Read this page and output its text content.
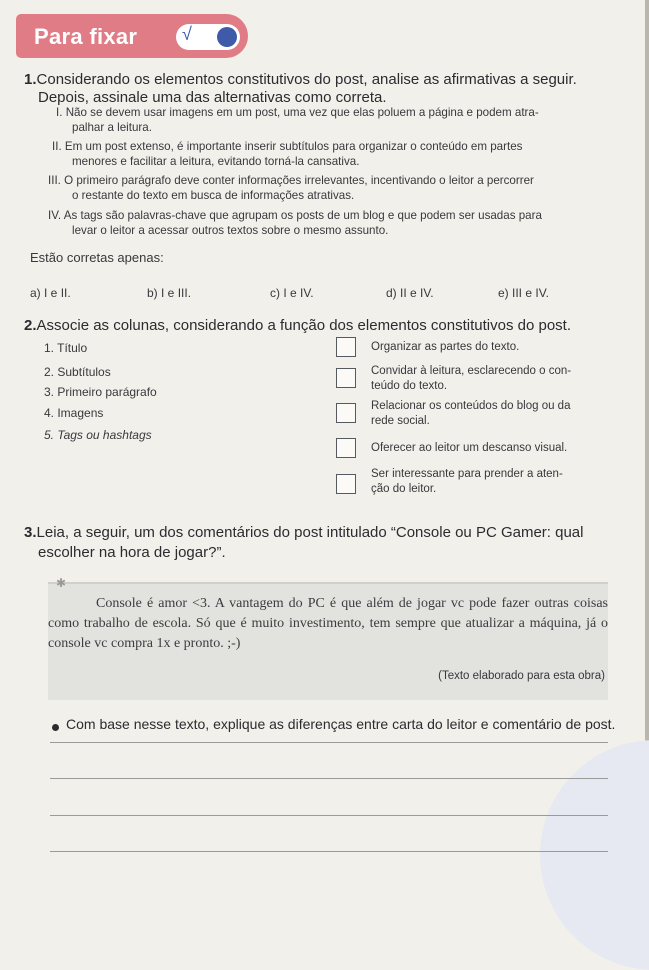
Para fixar √
1.Considerando os elementos constitutivos do post, analise as afirmativas a seguir.
Depois, assinale uma das alternativas como correta.
I. Não se devem usar imagens em um post, uma vez que elas poluem a página e podem atra-
palhar a leitura.
II. Em um post extenso, é importante inserir subtítulos para organizar o conteúdo em partes
menores e facilitar a leitura, evitando torná-la cansativa.
III. O primeiro parágrafo deve conter informações irrelevantes, incentivando o leitor a percorrer
o restante do texto em busca de informações atrativas.
IV. As tags são palavras-chave que agrupam os posts de um blog e que podem ser usadas para
levar o leitor a acessar outros textos sobre o mesmo assunto.
Estão corretas apenas:
a) I e II.	b) I e III.	c) I e IV.	d) II e IV.	e) III e IV.
2.Associe as colunas, considerando a função dos elementos constitutivos do post.
1. Título
2. Subtítulos
3. Primeiro parágrafo
4. Imagens
5. Tags ou hashtags
Organizar as partes do texto.
Convidar à leitura, esclarecendo o con-
teúdo do texto.
Relacionar os conteúdos do blog ou da
rede social.
Oferecer ao leitor um descanso visual.
Ser interessante para prender a aten-
ção do leitor.
3.Leia, a seguir, um dos comentários do post intitulado “Console ou PC Gamer: qual
escolher na hora de jogar?”.
✱
Console é amor <3. A vantagem do PC é que além de jogar vc pode fazer outras coisas como trabalho de escola. Só que é muito investimento, tem sempre que atualizar a máquina, já o console vc compra 1x e pronto. ;-)
(Texto elaborado para esta obra)
Com base nesse texto, explique as diferenças entre carta do leitor e comentário de post.
